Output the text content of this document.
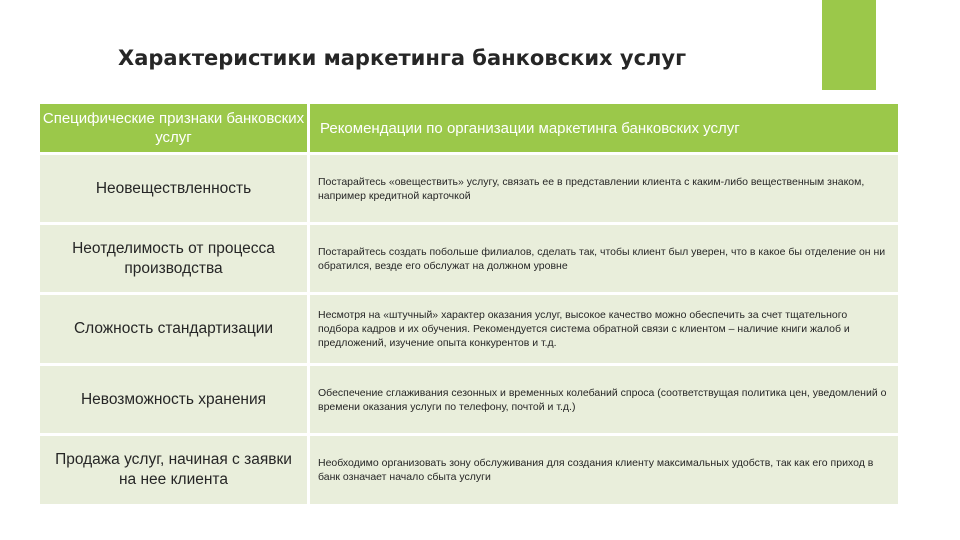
Характеристики маркетинга банковских услуг
Специфические признаки банковских услуг	Рекомендации по организации маркетинга банковских услуг
Неовеществленность	Постарайтесь «овеществить» услугу, связать ее в представлении клиента с каким-либо вещественным знаком, например кредитной карточкой
Неотделимость от процесса производства	Постарайтесь создать побольше филиалов, сделать так, чтобы клиент был уверен, что в какое бы отделение он ни обратился, везде его обслужат на должном уровне
Сложность стандартизации	Несмотря на «штучный» характер оказания услуг, высокое качество можно обеспечить за счет тщательного подбора кадров и их обучения. Рекомендуется система обратной связи с клиентом – наличие книги жалоб и предложений, изучение опыта конкурентов и т.д.
Невозможность хранения	Обеспечение сглаживания сезонных и временных колебаний спроса (соответствущая политика цен, уведомлений о времени оказания услуги по телефону, почтой и т.д.)
Продажа услуг, начиная с заявки на нее клиента	Необходимо организовать зону обслуживания для создания клиенту максимальных удобств, так как его приход в банк означает начало сбыта услуги
